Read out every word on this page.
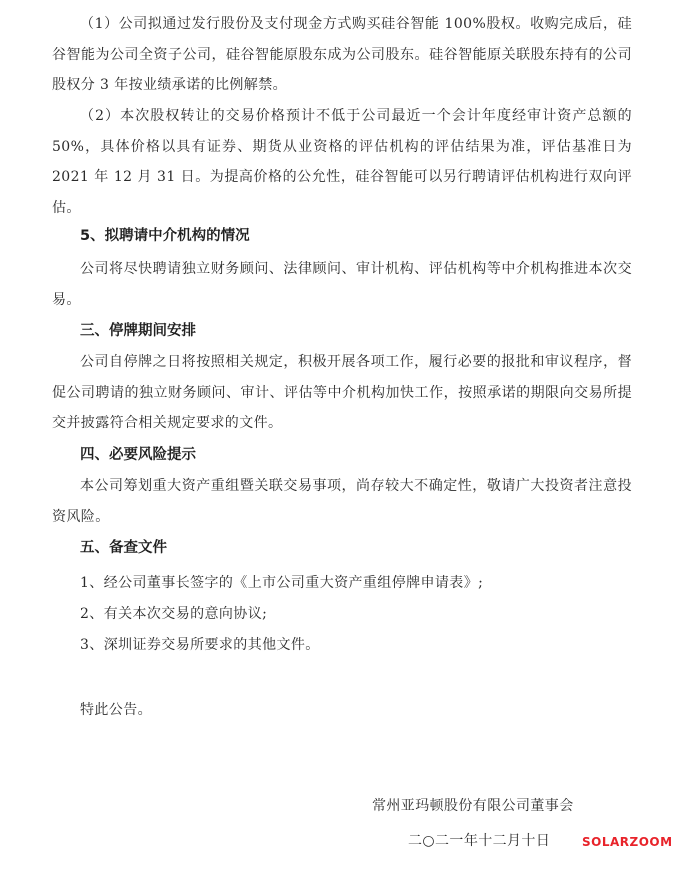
（1）公司拟通过发行股份及支付现金方式购买硅谷智能 100%股权。收购完成后，硅谷智能为公司全资子公司，硅谷智能原股东成为公司股东。硅谷智能原关联股东持有的公司股权分 3 年按业绩承诺的比例解禁。

（2）本次股权转让的交易价格预计不低于公司最近一个会计年度经审计资产总额的 50%，具体价格以具有证券、期货从业资格的评估机构的评估结果为准，评估基准日为 2021 年 12 月 31 日。为提高价格的公允性，硅谷智能可以另行聘请评估机构进行双向评估。

5、拟聘请中介机构的情况

公司将尽快聘请独立财务顾问、法律顾问、审计机构、评估机构等中介机构推进本次交易。

三、停牌期间安排

公司自停牌之日将按照相关规定，积极开展各项工作，履行必要的报批和审议程序，督促公司聘请的独立财务顾问、审计、评估等中介机构加快工作，按照承诺的期限向交易所提交并披露符合相关规定要求的文件。

四、必要风险提示

本公司筹划重大资产重组暨关联交易事项，尚存较大不确定性，敬请广大投资者注意投资风险。

五、备查文件

1、经公司董事长签字的《上市公司重大资产重组停牌申请表》;

2、有关本次交易的意向协议;

3、深圳证券交易所要求的其他文件。

特此公告。

常州亚玛顿股份有限公司董事会

二○二一年十二月十日	SOLARZOOM
